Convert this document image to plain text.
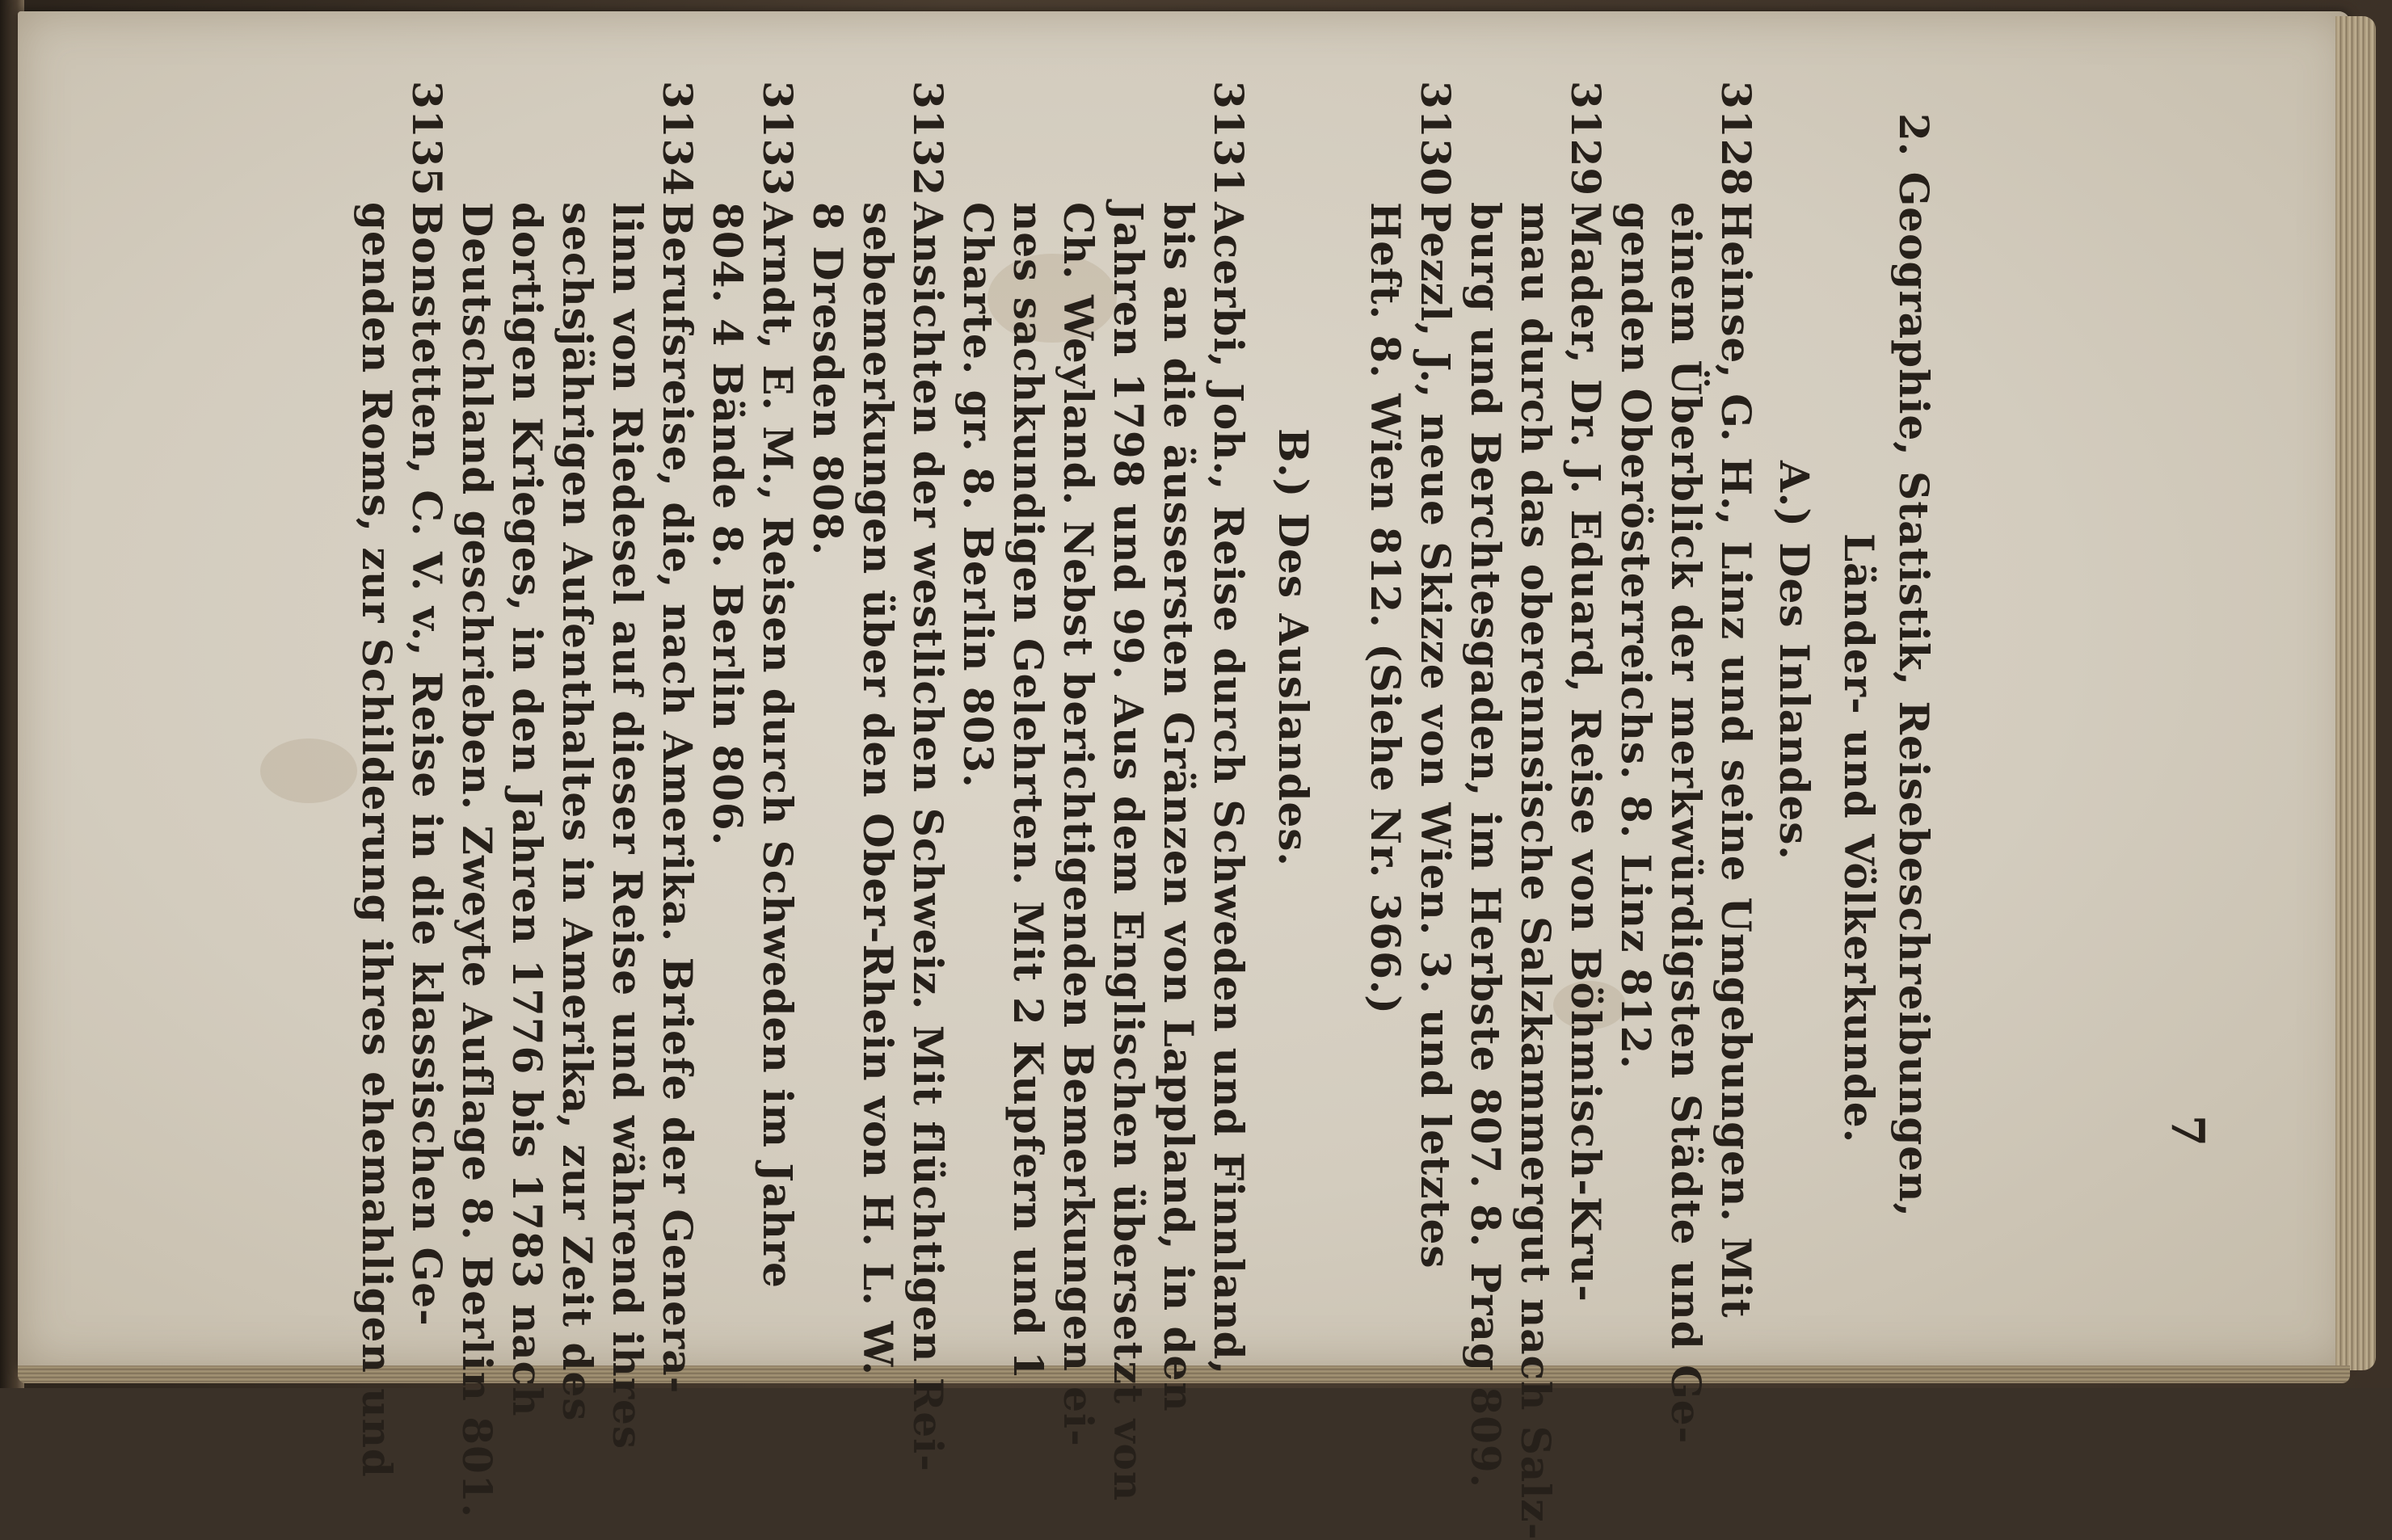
2. Geographie, Statistik, Reisebeschreibungen,
Länder- und Völkerkunde.
A.) Des Inlandes.
3128Heinse, G. H., Linz und seine Umgebungen. Mit
einem Überblick der merkwürdigsten Städte und Ge-
genden Oberösterreichs. 8. Linz 812.
3129Mader, Dr. J. Eduard, Reise von Böhmisch-Kru-
mau durch das oberennsische Salzkammergut nach Salz-
burg und Berchtesgaden, im Herbste 807. 8. Prag 809.
3130Pezzl, J., neue Skizze von Wien. 3. und letztes
Heft. 8. Wien 812. (Siehe Nr. 366.)
B.) Des Auslandes.
3131Acerbi, Joh., Reise durch Schweden und Finnland,
bis an die äussersten Gränzen von Lappland, in den
Jahren 1798 und 99. Aus dem Englischen übersetzt von
Ch. Weyland. Nebst berichtigenden Bemerkungen ei-
nes sachkundigen Gelehrten. Mit 2 Kupfern und 1
Charte. gr. 8. Berlin 803.
3132Ansichten der westlichen Schweiz. Mit flüchtigen Rei-
sebemerkungen über den Ober-Rhein von H. L. W.
8 Dresden 808.
3133Arndt, E. M., Reisen durch Schweden im Jahre
804. 4 Bände 8. Berlin 806.
3134Berufsreise, die, nach Amerika. Briefe der Genera-
linn von Riedesel auf dieser Reise und während ihres
sechsjährigen Aufenthaltes in Amerika, zur Zeit des
dortigen Krieges, in den Jahren 1776 bis 1783 nach
Deutschland geschrieben. Zweyte Auflage 8. Berlin 801.
3135Bonstetten, C. V. v., Reise in die klassischen Ge-
genden Roms, zur Schilderung ihres ehemahligen und	7
